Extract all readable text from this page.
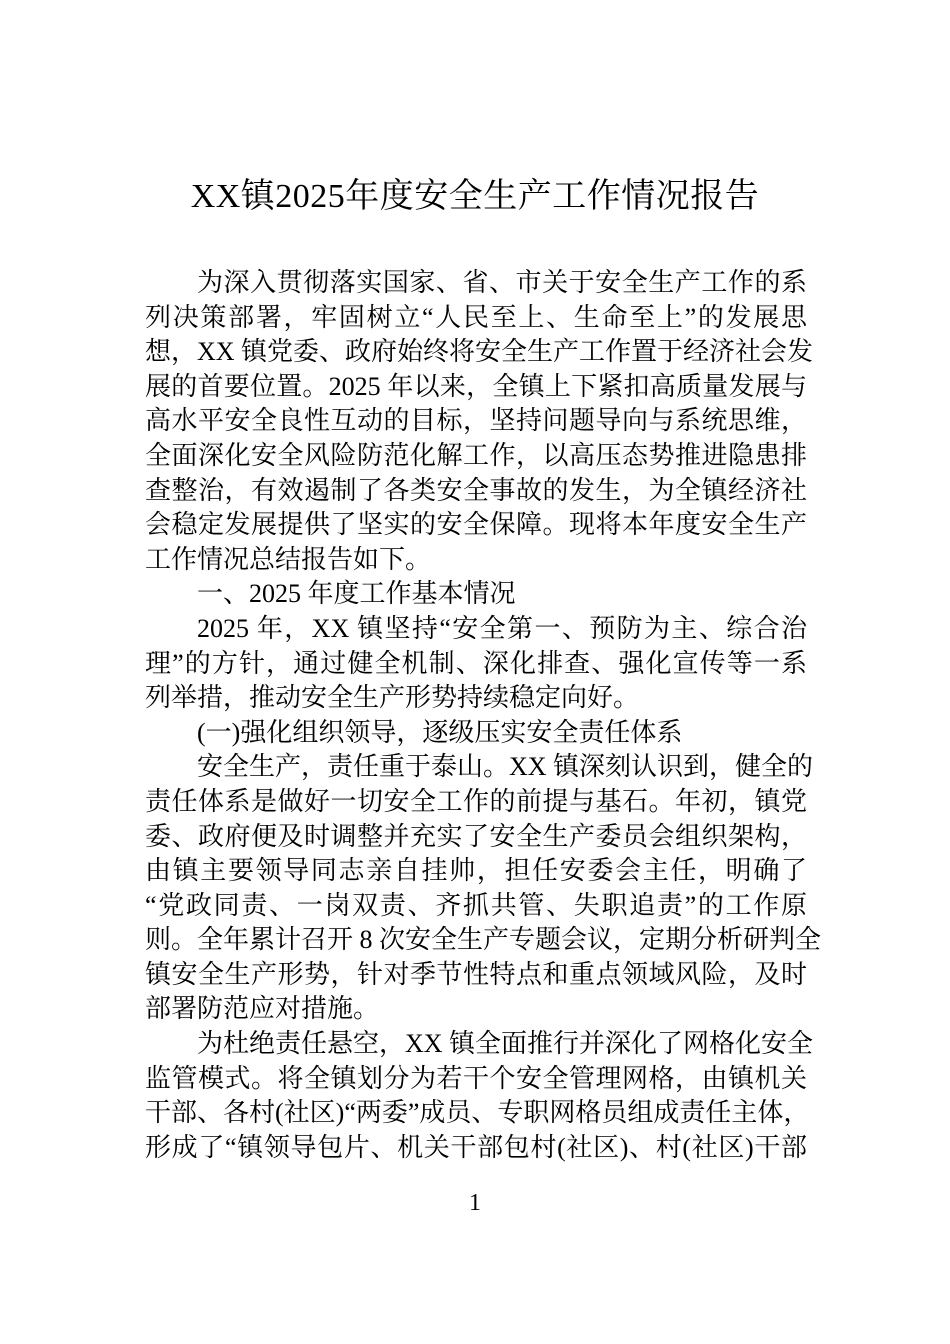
XX镇2025年度安全生产工作情况报告
为深入贯彻落实国家、省、市关于安全生产工作的系
列决策部署，牢固树立“人民至上、生命至上”的发展思
想，XX 镇党委、政府始终将安全生产工作置于经济社会发
展的首要位置。2025 年以来，全镇上下紧扣高质量发展与
高水平安全良性互动的目标，坚持问题导向与系统思维，
全面深化安全风险防范化解工作，以高压态势推进隐患排
查整治，有效遏制了各类安全事故的发生，为全镇经济社
会稳定发展提供了坚实的安全保障。现将本年度安全生产
工作情况总结报告如下。
一、2025 年度工作基本情况
2025 年，XX 镇坚持“安全第一、预防为主、综合治
理”的方针，通过健全机制、深化排查、强化宣传等一系
列举措，推动安全生产形势持续稳定向好。
(一)强化组织领导，逐级压实安全责任体系
安全生产，责任重于泰山。XX 镇深刻认识到，健全的
责任体系是做好一切安全工作的前提与基石。年初，镇党
委、政府便及时调整并充实了安全生产委员会组织架构，
由镇主要领导同志亲自挂帅，担任安委会主任，明确了
“党政同责、一岗双责、齐抓共管、失职追责”的工作原
则。全年累计召开 8 次安全生产专题会议，定期分析研判全
镇安全生产形势，针对季节性特点和重点领域风险，及时
部署防范应对措施。
为杜绝责任悬空，XX 镇全面推行并深化了网格化安全
监管模式。将全镇划分为若干个安全管理网格，由镇机关
干部、各村(社区)“两委”成员、专职网格员组成责任主体，
形成了“镇领导包片、机关干部包村(社区)、村(社区)干部
1
